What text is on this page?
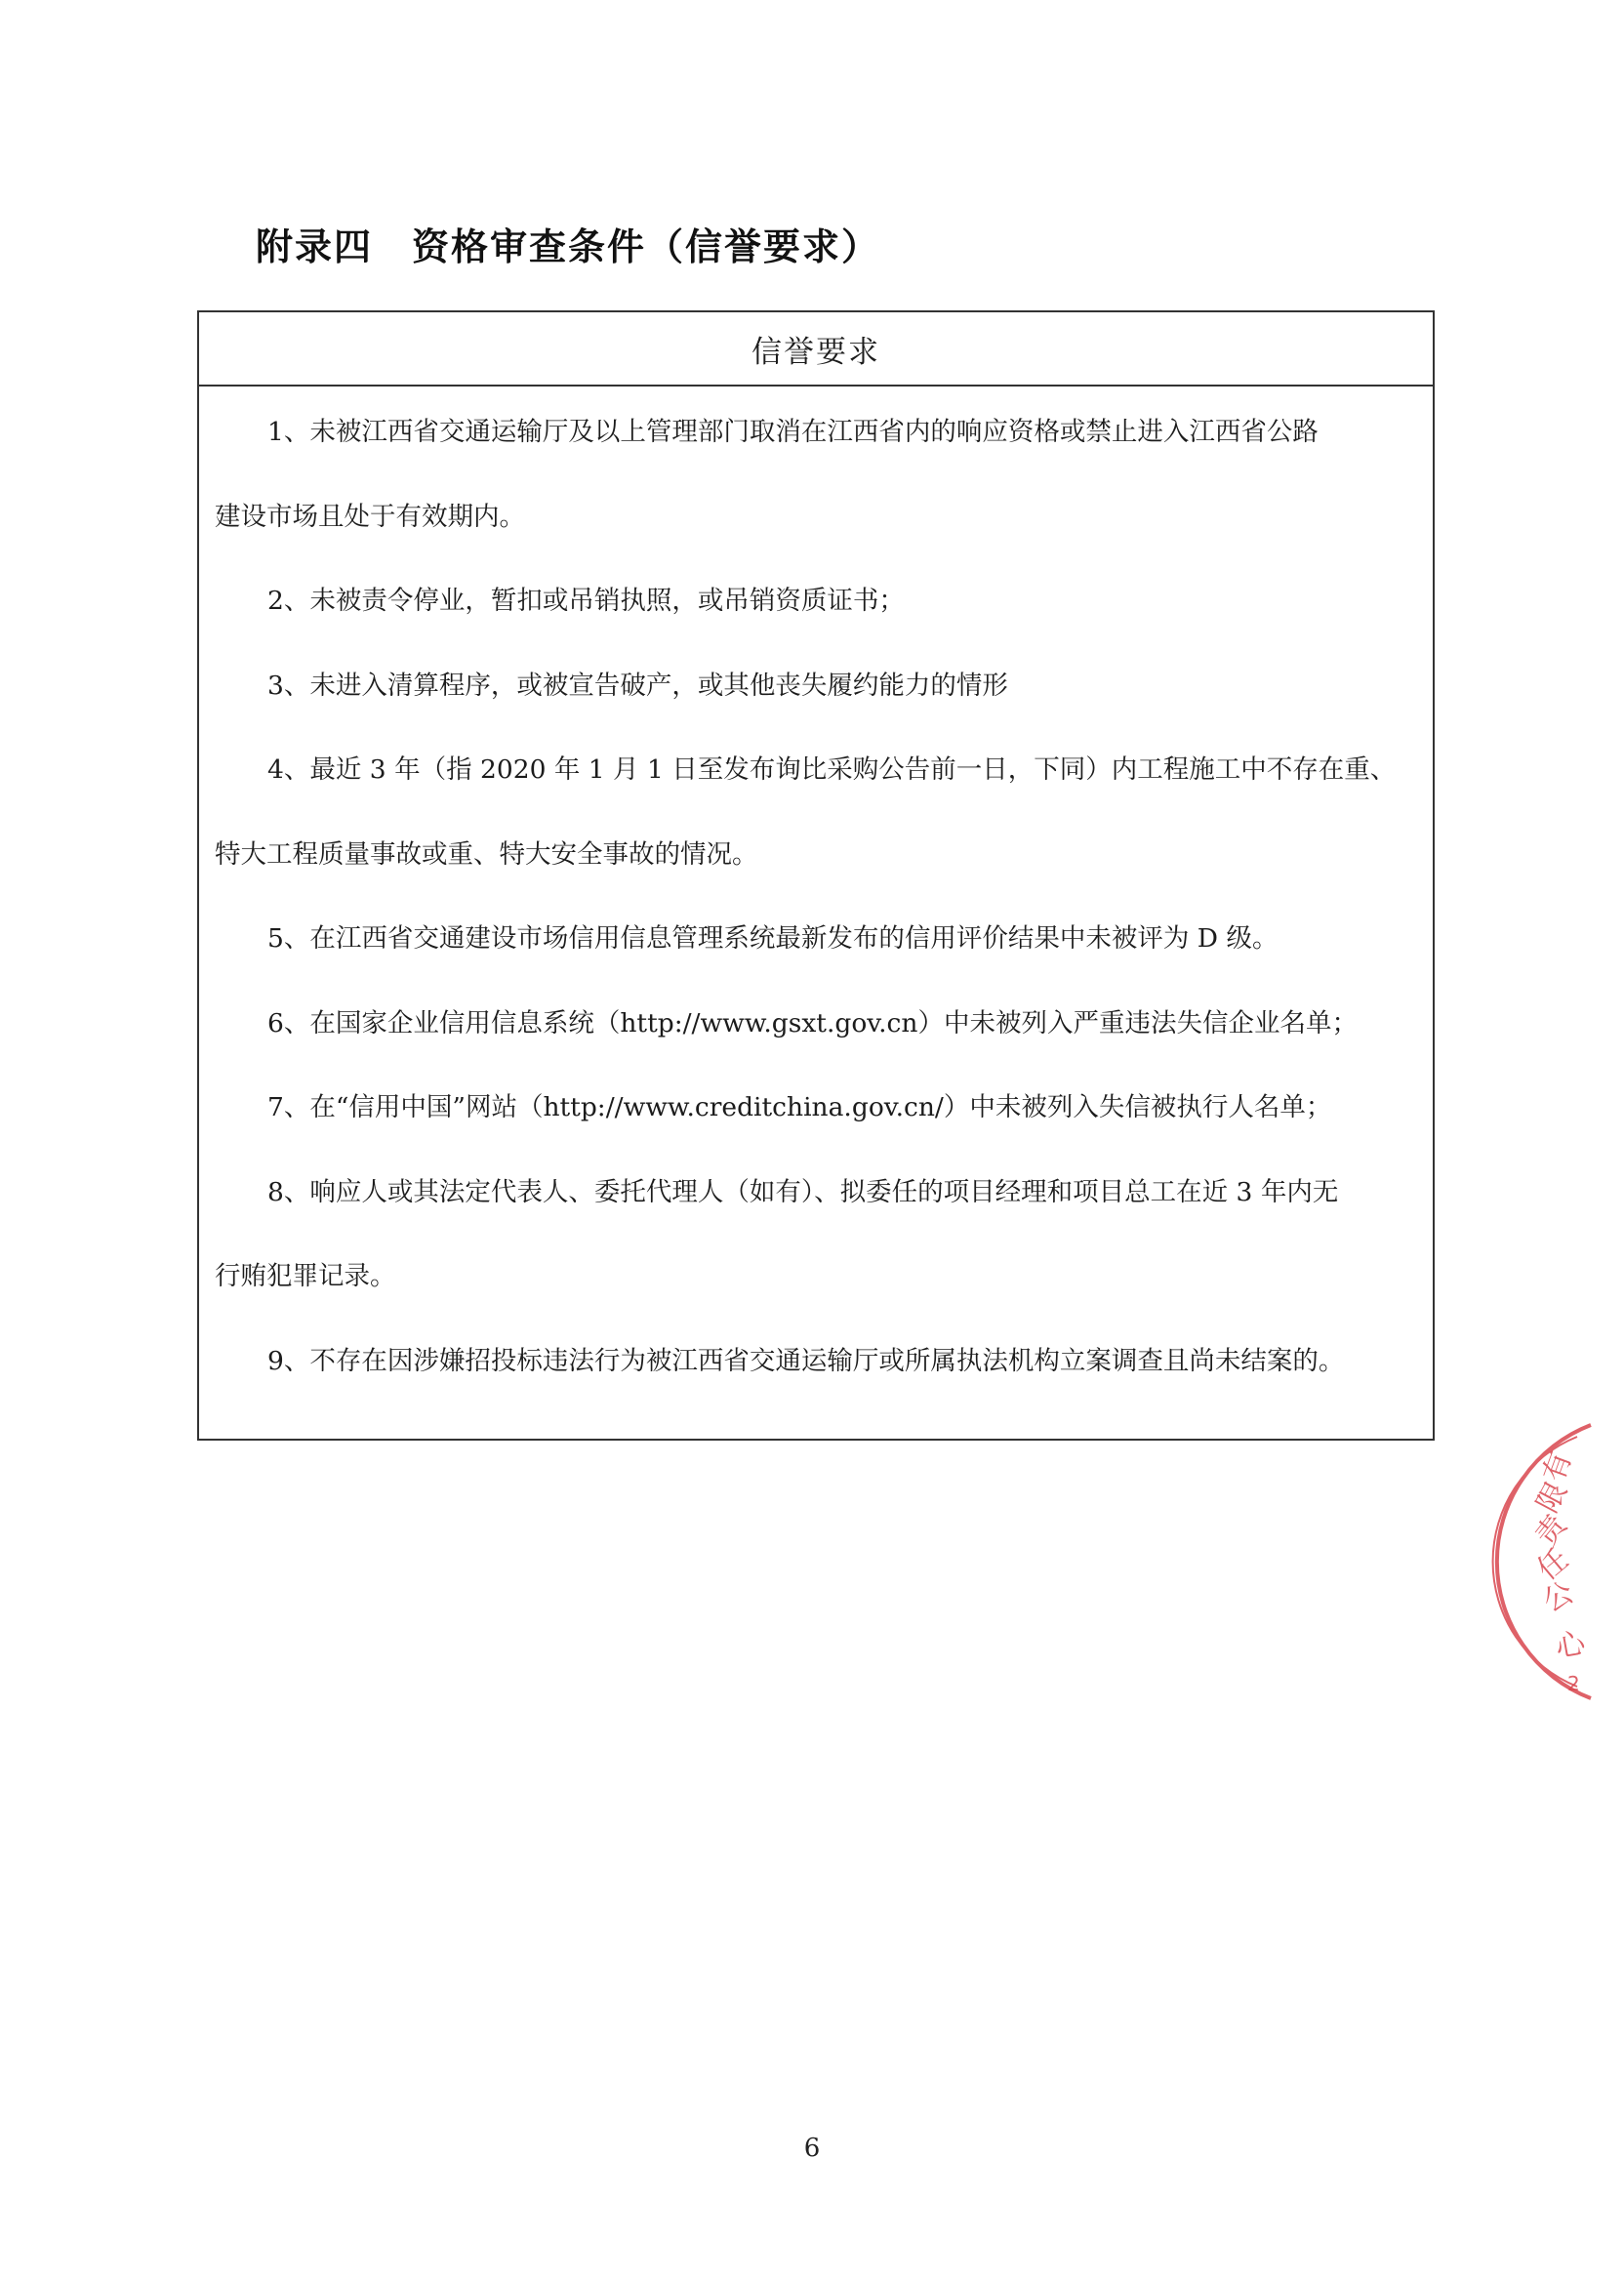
附录四　资格审查条件（信誉要求）
信誉要求

1、未被江西省交通运输厅及以上管理部门取消在江西省内的响应资格或禁止进入江西省公路
建设市场且处于有效期内。

2、未被责令停业，暂扣或吊销执照，或吊销资质证书；

3、未进入清算程序，或被宣告破产，或其他丧失履约能力的情形

4、最近 3 年（指 2020 年 1 月 1 日至发布询比采购公告前一日，下同）内工程施工中不存在重、
特大工程质量事故或重、特大安全事故的情况。

5、在江西省交通建设市场信用信息管理系统最新发布的信用评价结果中未被评为 D 级。

6、在国家企业信用信息系统（http://www.gsxt.gov.cn）中未被列入严重违法失信企业名单；

7、在“信用中国”网站（http://www.creditchina.gov.cn/）中未被列入失信被执行人名单；

8、响应人或其法定代表人、委托代理人（如有）、拟委任的项目经理和项目总工在近 3 年内无
行贿犯罪记录。

9、不存在因涉嫌招投标违法行为被江西省交通运输厅或所属执法机构立案调查且尚未结案的。

6
有
限
责
任
公
心
2
